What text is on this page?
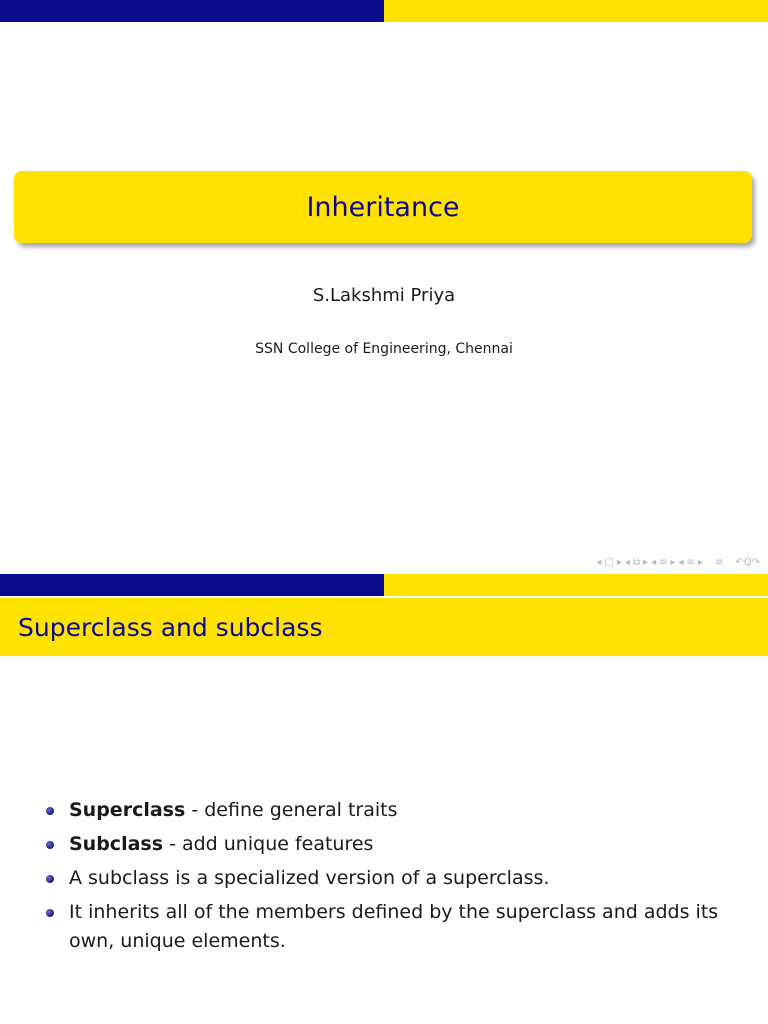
Inheritance
S.Lakshmi Priya
SSN College of Engineering, Chennai
◂ □ ▸ ◂ ⧉ ▸ ◂ ≡ ▸ ◂ ≡ ▸ ≡ ↶Q↷
Superclass and subclass
Superclass - define general traits
Subclass - add unique features
A subclass is a specialized version of a superclass.
It inherits all of the members defined by the superclass and adds its own, unique elements.
